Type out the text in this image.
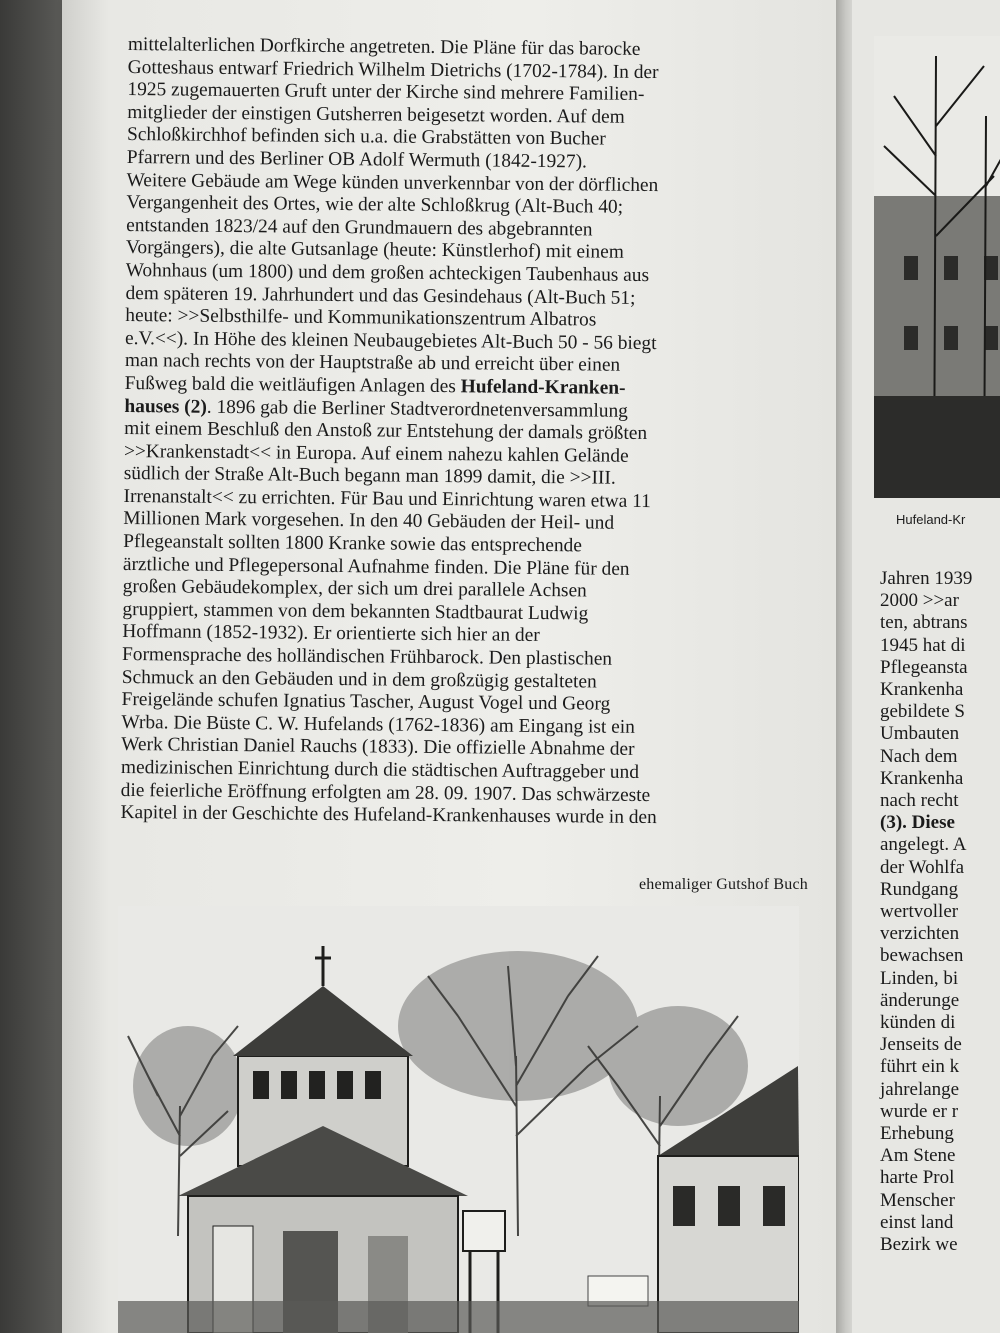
mittelalterlichen Dorfkirche angetreten. Die Pläne für das barocke
Gotteshaus entwarf Friedrich Wilhelm Dietrichs (1702-1784). In der
1925 zugemauerten Gruft unter der Kirche sind mehrere Familien-
mitglieder der einstigen Gutsherren beigesetzt worden. Auf dem
Schloßkirchhof befinden sich u.a. die Grabstätten von Bucher
Pfarrern und des Berliner OB Adolf Wermuth (1842-1927).
Weitere Gebäude am Wege künden unverkennbar von der dörflichen
Vergangenheit des Ortes, wie der alte Schloßkrug (Alt-Buch 40;
entstanden 1823/24 auf den Grundmauern des abgebrannten
Vorgängers), die alte Gutsanlage (heute: Künstlerhof) mit einem
Wohnhaus (um 1800) und dem großen achteckigen Taubenhaus aus
dem späteren 19. Jahrhundert und das Gesindehaus (Alt-Buch 51;
heute: >>Selbsthilfe- und Kommunikationszentrum Albatros
e.V.<<). In Höhe des kleinen Neubaugebietes Alt-Buch 50 - 56 biegt
man nach rechts von der Hauptstraße ab und erreicht über einen
Fußweg bald die weitläufigen Anlagen des Hufeland-Kranken-
hauses (2). 1896 gab die Berliner Stadtverordnetenversammlung
mit einem Beschluß den Anstoß zur Entstehung der damals größten
>>Krankenstadt<< in Europa. Auf einem nahezu kahlen Gelände
südlich der Straße Alt-Buch begann man 1899 damit, die >>III.
Irrenanstalt<< zu errichten. Für Bau und Einrichtung waren etwa 11
Millionen Mark vorgesehen. In den 40 Gebäuden der Heil- und
Pflegeanstalt sollten 1800 Kranke sowie das entsprechende
ärztliche und Pflegepersonal Aufnahme finden. Die Pläne für den
großen Gebäudekomplex, der sich um drei parallele Achsen
gruppiert, stammen von dem bekannten Stadtbaurat Ludwig
Hoffmann (1852-1932). Er orientierte sich hier an der
Formensprache des holländischen Frühbarock. Den plastischen
Schmuck an den Gebäuden und in dem großzügig gestalteten
Freigelände schufen Ignatius Tascher, August Vogel und Georg
Wrba. Die Büste C. W. Hufelands (1762-1836) am Eingang ist ein
Werk Christian Daniel Rauchs (1833). Die offizielle Abnahme der
medizinischen Einrichtung durch die städtischen Auftraggeber und
die feierliche Eröffnung erfolgten am 28. 09. 1907. Das schwärzeste
Kapitel in der Geschichte des Hufeland-Krankenhauses wurde in den
ehemaliger Gutshof Buch
Hufeland-Kr
Jahren 1939
2000 >>ar
ten, abtrans
1945 hat di
Pflegeansta
Krankenha
gebildete S
Umbauten
Nach dem
Krankenha
nach recht
(3). Diese
angelegt. A
der Wohlfa
Rundgang
wertvoller
verzichten
bewachsen
Linden, bi
änderunge
künden di
Jenseits de
führt ein k
jahrelange
wurde er r
Erhebung
Am Stene
harte Prol
Menscher
einst land
Bezirk we
